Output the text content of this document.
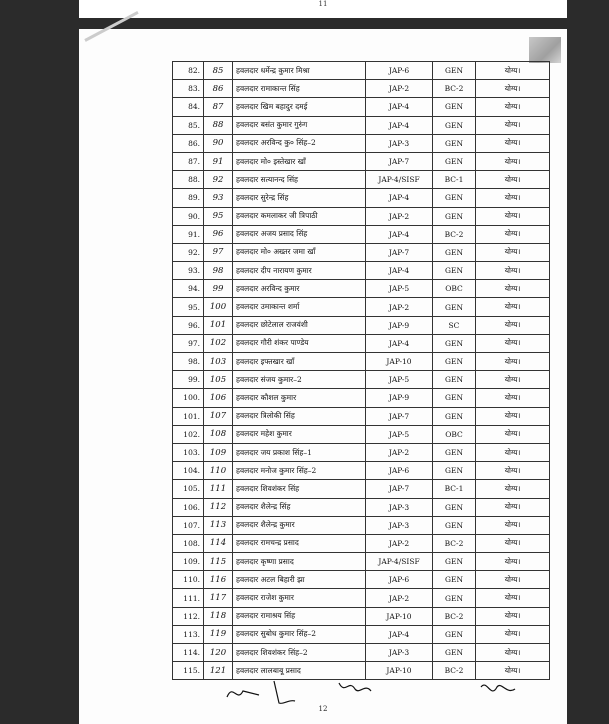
11
82.	85	हवलदार धर्मेन्द्र कुमार मिश्रा	JAP-6	GEN	योग्य।
83.	86	हवलदार रामाकान्त सिंह	JAP-2	BC-2	योग्य।
84.	87	हवलदार खिम बहादुर दमई	JAP-4	GEN	योग्य।
85.	88	हवलदार बसंत कुमार गुरुंग	JAP-4	GEN	योग्य।
86.	90	हवलदार अरविन्द कु० सिंह–2	JAP-3	GEN	योग्य।
87.	91	हवलदार मो० इस्तेखार खॉं	JAP-7	GEN	योग्य।
88.	92	हवलदार सत्यानन्द सिंह	JAP-4/SISF	BC-1	योग्य।
89.	93	हवलदार सुरेन्द्र सिंह	JAP-4	GEN	योग्य।
90.	95	हवलदार कमलाकर जी त्रिपाठी	JAP-2	GEN	योग्य।
91.	96	हवलदार अजय प्रसाद सिंह	JAP-4	BC-2	योग्य।
92.	97	हवलदार मो० अख्तर जमा खॉं	JAP-7	GEN	योग्य।
93.	98	हवलदार दीप नारायण कुमार	JAP-4	GEN	योग्य।
94.	99	हवलदार अरविन्द कुमार	JAP-5	OBC	योग्य।
95.	100	हवलदार उमाकान्त शर्मा	JAP-2	GEN	योग्य।
96.	101	हवलदार छोटेलाल राजवंशी	JAP-9	SC	योग्य।
97.	102	हवलदार गौरी शंकर पाण्डेय	JAP-4	GEN	योग्य।
98.	103	हवलदार इफ्तखार खॉं	JAP-10	GEN	योग्य।
99.	105	हवलदार संजय कुमार–2	JAP-5	GEN	योग्य।
100.	106	हवलदार कौशल कुमार	JAP-9	GEN	योग्य।
101.	107	हवलदार त्रिलोकी सिंह	JAP-7	GEN	योग्य।
102.	108	हवलदार महेश कुमार	JAP-5	OBC	योग्य।
103.	109	हवलदार जय प्रकाश सिंह–1	JAP-2	GEN	योग्य।
104.	110	हवलदार मनोज कुमार सिंह–2	JAP-6	GEN	योग्य।
105.	111	हवलदार शिवशंकर सिंह	JAP-7	BC-1	योग्य।
106.	112	हवलदार शैलेन्द्र सिंह	JAP-3	GEN	योग्य।
107.	113	हवलदार शैलेन्द्र कुमार	JAP-3	GEN	योग्य।
108.	114	हवलदार रामचन्द्र प्रसाद	JAP-2	BC-2	योग्य।
109.	115	हवलदार कृष्णा प्रसाद	JAP-4/SISF	GEN	योग्य।
110.	116	हवलदार अटल बिहारी झा	JAP-6	GEN	योग्य।
111.	117	हवलदार राजेश कुमार	JAP-2	GEN	योग्य।
112.	118	हवलदार रामाश्रय सिंह	JAP-10	BC-2	योग्य।
113.	119	हवलदार सुबोध कुमार सिंह–2	JAP-4	GEN	योग्य।
114.	120	हवलदार शिवशंकर सिंह–2	JAP-3	GEN	योग्य।
115.	121	हवलदार लालबाबू प्रसाद	JAP-10	BC-2	योग्य।
12
